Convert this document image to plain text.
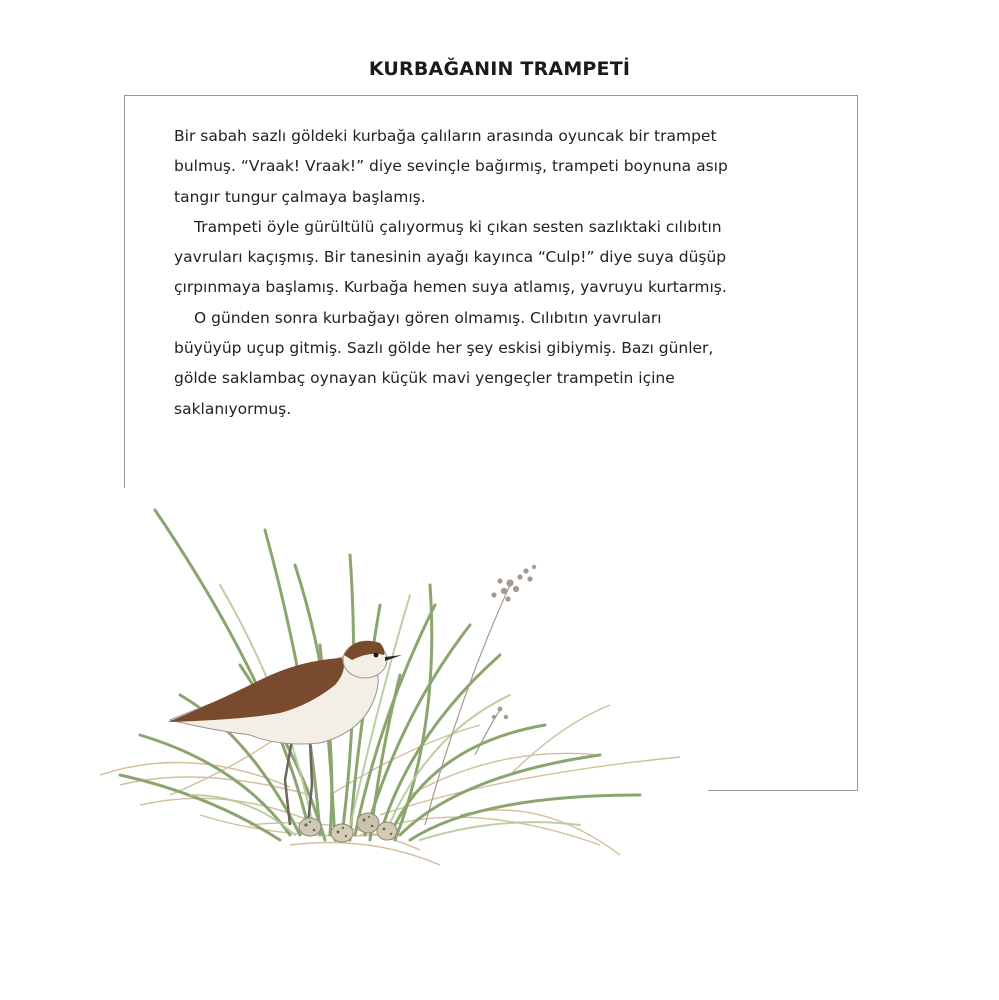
KURBAĞANIN TRAMPETİ
Bir sabah sazlı göldeki kurbağa çalıların arasında oyuncak bir trampet
bulmuş. “Vraak! Vraak!” diye sevinçle bağırmış, trampeti boynuna asıp
tangır tungur çalmaya başlamış.
Trampeti öyle gürültülü çalıyormuş ki çıkan sesten sazlıktaki cılıbıtın
yavruları kaçışmış. Bir tanesinin ayağı kayınca “Culp!” diye suya düşüp
çırpınmaya başlamış. Kurbağa hemen suya atlamış, yavruyu kurtarmış.
O günden sonra kurbağayı gören olmamış. Cılıbıtın yavruları
büyüyüp uçup gitmiş. Sazlı gölde her şey eskisi gibiymiş. Bazı günler,
gölde saklambaç oynayan küçük mavi yengeçler trampetin içine
saklanıyormuş.
